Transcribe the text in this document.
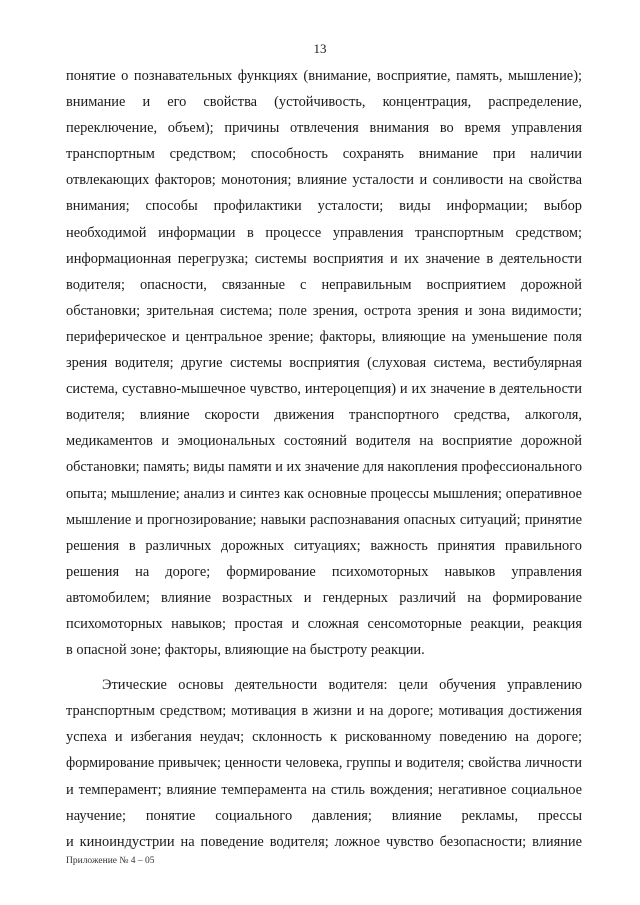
13

понятие о познавательных функциях (внимание, восприятие, память, мышление);
внимание и его свойства (устойчивость, концентрация, распределение,
переключение, объем); причины отвлечения внимания во время управления
транспортным средством; способность сохранять внимание при наличии
отвлекающих факторов; монотония; влияние усталости и сонливости на свойства
внимания; способы профилактики усталости; виды информации; выбор
необходимой информации в процессе управления транспортным средством;
информационная перегрузка; системы восприятия и их значение в деятельности
водителя; опасности, связанные с неправильным восприятием дорожной
обстановки; зрительная система; поле зрения, острота зрения и зона видимости;
периферическое и центральное зрение; факторы, влияющие на уменьшение поля
зрения водителя; другие системы восприятия (слуховая система, вестибулярная
система, суставно-мышечное чувство, интероцепция) и их значение в деятельности
водителя; влияние скорости движения транспортного средства, алкоголя,
медикаментов и эмоциональных состояний водителя на восприятие дорожной
обстановки; память; виды памяти и их значение для накопления профессионального
опыта; мышление; анализ и синтез как основные процессы мышления; оперативное
мышление и прогнозирование; навыки распознавания опасных ситуаций; принятие
решения в различных дорожных ситуациях; важность принятия правильного
решения на дороге; формирование психомоторных навыков управления
автомобилем; влияние возрастных и гендерных различий на формирование
психомоторных навыков; простая и сложная сенсомоторные реакции, реакция
в опасной зоне; факторы, влияющие на быстроту реакции.

Этические основы деятельности водителя: цели обучения управлению
транспортным средством; мотивация в жизни и на дороге; мотивация достижения
успеха и избегания неудач; склонность к рискованному поведению на дороге;
формирование привычек; ценности человека, группы и водителя; свойства личности
и темперамент; влияние темперамента на стиль вождения; негативное социальное
научение; понятие социального давления; влияние рекламы, прессы
и киноиндустрии на поведение водителя; ложное чувство безопасности; влияние

Приложение № 4 – 05
